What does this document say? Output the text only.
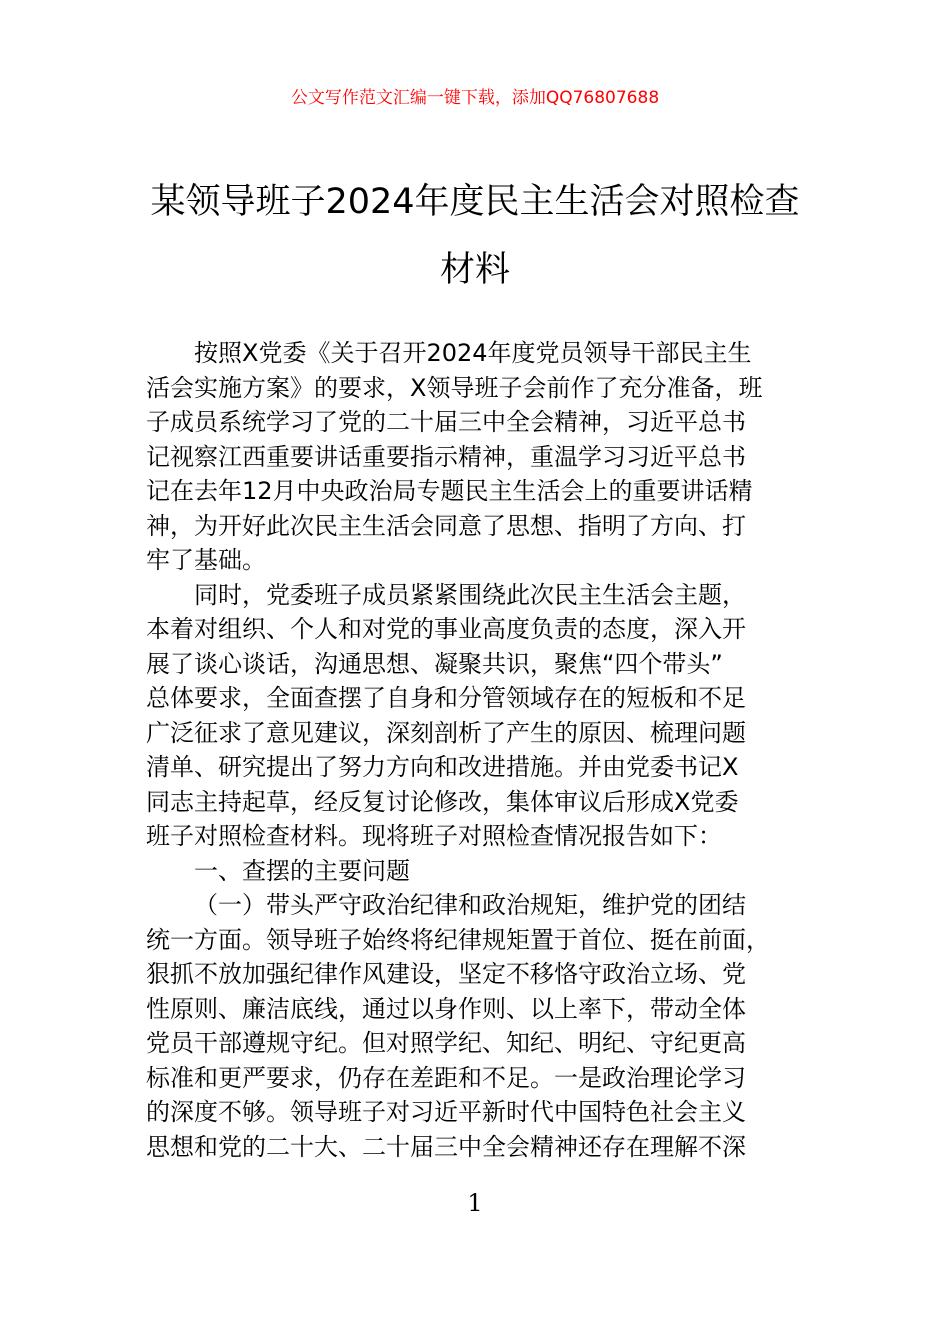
公文写作范文汇编一键下载，添加QQ76807688
某领导班子2024年度民主生活会对照检查
材料
按照X党委《关于召开2024年度党员领导干部民主生
活会实施方案》的要求，X领导班子会前作了充分准备，班
子成员系统学习了党的二十届三中全会精神，习近平总书
记视察江西重要讲话重要指示精神，重温学习习近平总书
记在去年12月中央政治局专题民主生活会上的重要讲话精
神，为开好此次民主生活会同意了思想、指明了方向、打
牢了基础。
同时，党委班子成员紧紧围绕此次民主生活会主题，
本着对组织、个人和对党的事业高度负责的态度，深入开
展了谈心谈话，沟通思想、凝聚共识，聚焦“四个带头”
总体要求，全面查摆了自身和分管领域存在的短板和不足
广泛征求了意见建议，深刻剖析了产生的原因、梳理问题
清单、研究提出了努力方向和改进措施。并由党委书记X
同志主持起草，经反复讨论修改，集体审议后形成X党委
班子对照检查材料。现将班子对照检查情况报告如下：
一、查摆的主要问题
（一）带头严守政治纪律和政治规矩，维护党的团结
统一方面。领导班子始终将纪律规矩置于首位、挺在前面，
狠抓不放加强纪律作风建设，坚定不移恪守政治立场、党
性原则、廉洁底线，通过以身作则、以上率下，带动全体
党员干部遵规守纪。但对照学纪、知纪、明纪、守纪更高
标准和更严要求，仍存在差距和不足。一是政治理论学习
的深度不够。领导班子对习近平新时代中国特色社会主义
思想和党的二十大、二十届三中全会精神还存在理解不深
1
